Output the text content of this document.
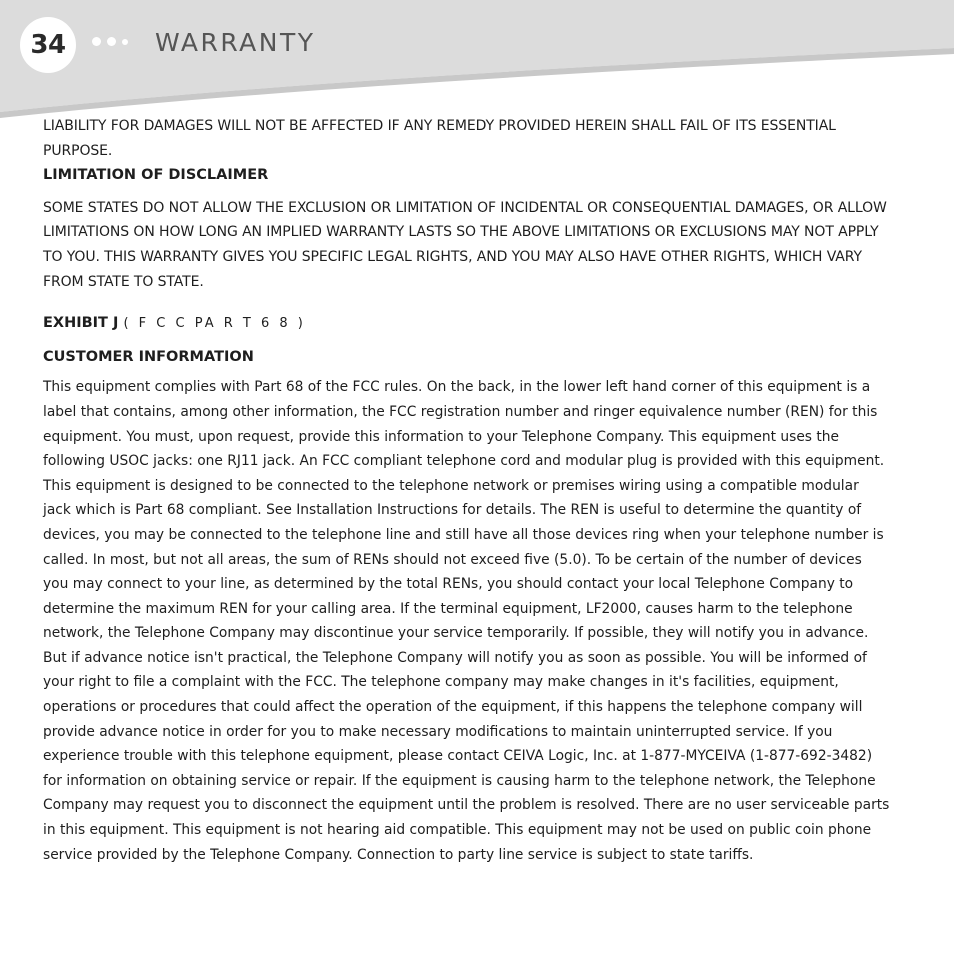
34	WARRANTY

LIABILITY FOR DAMAGES WILL NOT BE AFFECTED IF ANY REMEDY PROVIDED HEREIN SHALL FAIL OF ITS ESSENTIAL PURPOSE.

LIMITATION OF DISCLAIMER

SOME STATES DO NOT ALLOW THE EXCLUSION OR LIMITATION OF INCIDENTAL OR CONSEQUENTIAL DAMAGES, OR ALLOW LIMITATIONS ON HOW LONG AN IMPLIED WARRANTY LASTS SO THE ABOVE LIMITATIONS OR EXCLUSIONS MAY NOT APPLY TO YOU. THIS WARRANTY GIVES YOU SPECIFIC LEGAL RIGHTS, AND YOU MAY ALSO HAVE OTHER RIGHTS, WHICH VARY FROM STATE TO STATE.

EXHIBIT J ( F C C PA R T 6 8 )

CUSTOMER INFORMATION

This equipment complies with Part 68 of the FCC rules. On the back, in the lower left hand corner of this equipment is a label that contains, among other information, the FCC registration number and ringer equivalence number (REN) for this equipment. You must, upon request, provide this information to your Telephone Company. This equipment uses the following USOC jacks: one RJ11 jack. An FCC compliant telephone cord and modular plug is provided with this equipment. This equipment is designed to be connected to the telephone network or premises wiring using a compatible modular jack which is Part 68 compliant. See Installation Instructions for details. The REN is useful to determine the quantity of devices, you may be connected to the telephone line and still have all those devices ring when your telephone number is called. In most, but not all areas, the sum of RENs should not exceed five (5.0). To be certain of the number of devices you may connect to your line, as determined by the total RENs, you should contact your local Telephone Company to determine the maximum REN for your calling area. If the terminal equipment, LF2000, causes harm to the telephone network, the Telephone Company may discontinue your service temporarily. If possible, they will notify you in advance. But if advance notice isn't practical, the Telephone Company will notify you as soon as possible. You will be informed of your right to file a complaint with the FCC. The telephone company may make changes in it's facilities, equipment, operations or procedures that could affect the operation of the equipment, if this happens the telephone company will provide advance notice in order for you to make necessary modifications to maintain uninterrupted service. If you experience trouble with this telephone equipment, please contact CEIVA Logic, Inc. at 1-877-MYCEIVA (1-877-692-3482) for information on obtaining service or repair. If the equipment is causing harm to the telephone network, the Telephone Company may request you to disconnect the equipment until the problem is resolved. There are no user serviceable parts in this equipment. This equipment is not hearing aid compatible. This equipment may not be used on public coin phone service provided by the Telephone Company. Connection to party line service is subject to state tariffs.
